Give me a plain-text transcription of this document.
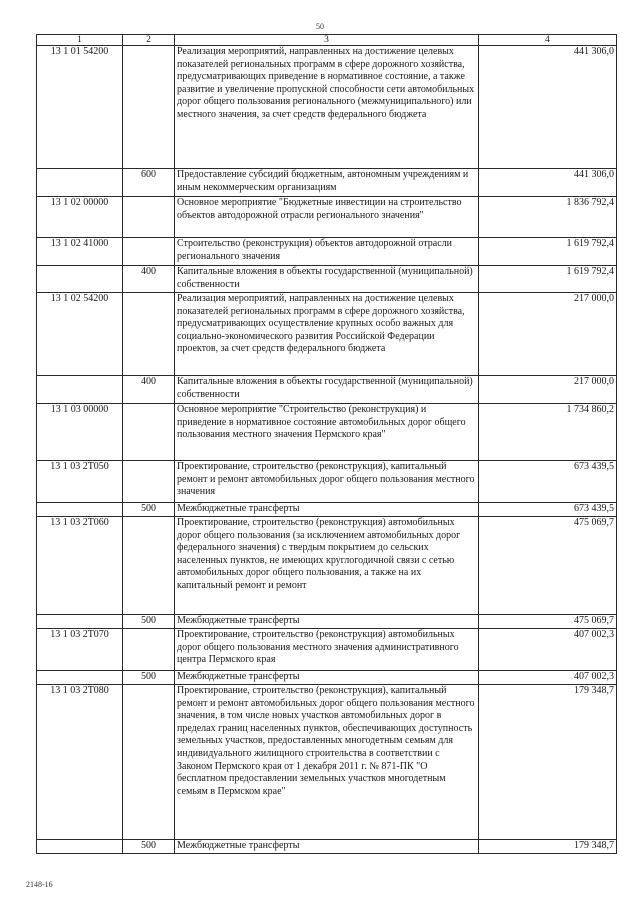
50
1	2	3	4
13 1 01 54200		Реализация мероприятий, направленных на достижение целевых показателей региональных программ в сфере дорожного хозяйства, предусматривающих приведение в нормативное состояние, а также развитие и увеличение пропускной способности сети автомобильных дорог общего пользования регионального (межмуниципального) или местного значения, за счет средств федерального бюджета	441 306,0
	600	Предоставление субсидий бюджетным, автономным учреждениям и иным некоммерческим организациям	441 306,0
13 1 02 00000		Основное мероприятие "Бюджетные инвестиции на строительство объектов автодорожной отрасли регионального значения"	1 836 792,4
13 1 02 41000		Строительство (реконструкция) объектов автодорожной отрасли регионального значения	1 619 792,4
	400	Капитальные вложения в объекты государственной (муниципальной) собственности	1 619 792,4
13 1 02 54200		Реализация мероприятий, направленных на достижение целевых показателей региональных программ в сфере дорожного хозяйства, предусматривающих осуществление крупных особо важных для социально-экономического развития Российской Федерации проектов, за счет средств федерального бюджета	217 000,0
	400	Капитальные вложения в объекты государственной (муниципальной) собственности	217 000,0
13 1 03 00000		Основное мероприятие "Строительство (реконструкция) и приведение в нормативное состояние автомобильных дорог общего пользования местного значения Пермского края"	1 734 860,2
13 1 03 2Т050		Проектирование, строительство (реконструкция), капитальный ремонт и ремонт автомобильных дорог общего пользования местного значения	673 439,5
	500	Межбюджетные трансферты	673 439,5
13 1 03 2Т060		Проектирование, строительство (реконструкция) автомобильных дорог общего пользования (за исключением автомобильных дорог федерального значения) с твердым покрытием до сельских населенных пунктов, не имеющих круглогодичной связи с сетью автомобильных дорог общего пользования, а также на их капитальный ремонт и ремонт	475 069,7
	500	Межбюджетные трансферты	475 069,7
13 1 03 2Т070		Проектирование, строительство (реконструкция) автомобильных дорог общего пользования местного значения административного центра Пермского края	407 002,3
	500	Межбюджетные трансферты	407 002,3
13 1 03 2Т080		Проектирование, строительство (реконструкция), капитальный ремонт и ремонт автомобильных дорог общего пользования местного значения, в том числе новых участков автомобильных дорог в пределах границ населенных пунктов, обеспечивающих доступность земельных участков, предоставленных многодетным семьям для индивидуального жилищного строительства в соответствии с Законом Пермского края от 1 декабря 2011 г. № 871-ПК "О бесплатном предоставлении земельных участков многодетным семьям в Пермском крае"	179 348,7
	500	Межбюджетные трансферты	179 348,7
2148-16
